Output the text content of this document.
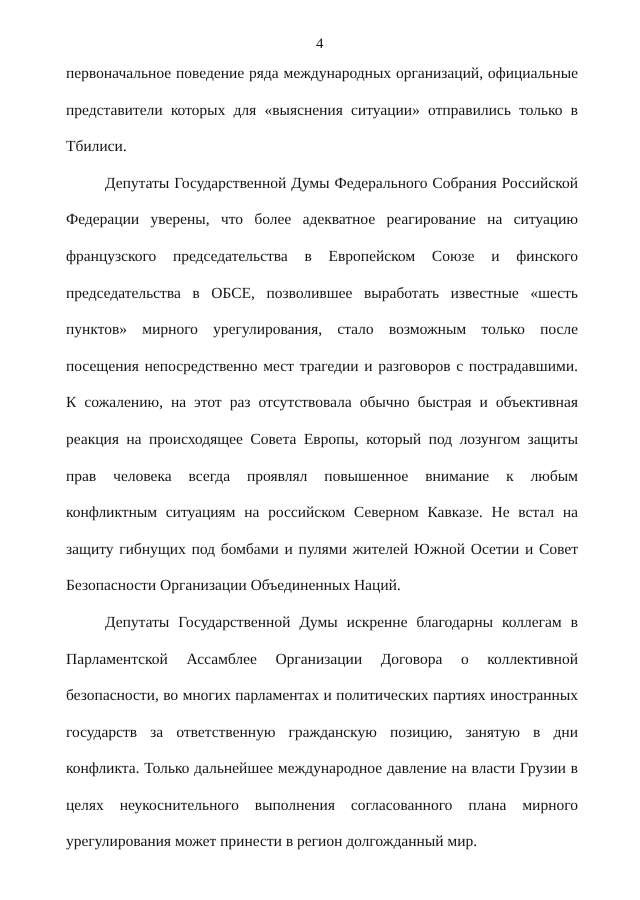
4

первоначальное поведение ряда международных организаций, официальные представители которых для «выяснения ситуации» отправились только в Тбилиси.

Депутаты Государственной Думы Федерального Собрания Российской Федерации уверены, что более адекватное реагирование на ситуацию французского председательства в Европейском Союзе и финского председательства в ОБСЕ, позволившее выработать известные «шесть пунктов» мирного урегулирования, стало возможным только после посещения непосредственно мест трагедии и разговоров с пострадавшими. К сожалению, на этот раз отсутствовала обычно быстрая и объективная реакция на происходящее Совета Европы, который под лозунгом защиты прав человека всегда проявлял повышенное внимание к любым конфликтным ситуациям на российском Северном Кавказе. Не встал на защиту гибнущих под бомбами и пулями жителей Южной Осетии и Совет Безопасности Организации Объединенных Наций.

Депутаты Государственной Думы искренне благодарны коллегам в Парламентской Ассамблее Организации Договора о коллективной безопасности, во многих парламентах и политических партиях иностранных государств за ответственную гражданскую позицию, занятую в дни конфликта. Только дальнейшее международное давление на власти Грузии в целях неукоснительного выполнения согласованного плана мирного урегулирования может принести в регион долгожданный мир.
